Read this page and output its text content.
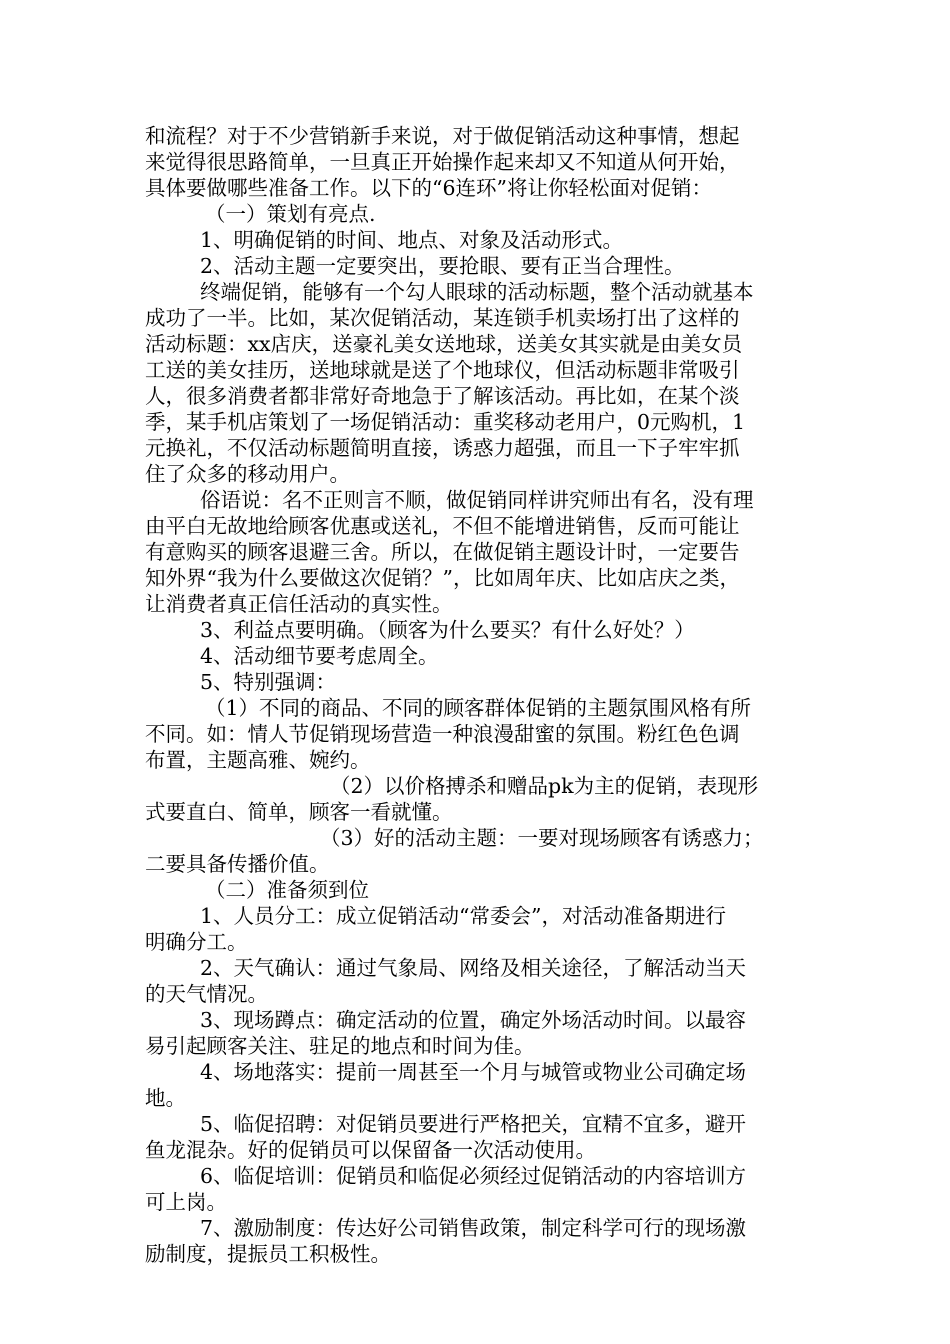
和流程？对于不少营销新手来说，对于做促销活动这种事情，想起

来觉得很思路简单，一旦真正开始操作起来却又不知道从何开始，

具体要做哪些准备工作。以下的“6连环”将让你轻松面对促销：

（一）策划有亮点.

1、明确促销的时间、地点、对象及活动形式。

2、活动主题一定要突出，要抢眼、要有正当合理性。

终端促销，能够有一个勾人眼球的活动标题，整个活动就基本

成功了一半。比如，某次促销活动，某连锁手机卖场打出了这样的

活动标题：xx店庆，送豪礼美女送地球，送美女其实就是由美女员

工送的美女挂历，送地球就是送了个地球仪，但活动标题非常吸引

人，很多消费者都非常好奇地急于了解该活动。再比如，在某个淡

季，某手机店策划了一场促销活动：重奖移动老用户，0元购机，1

元换礼，不仅活动标题简明直接，诱惑力超强，而且一下子牢牢抓

住了众多的移动用户。

俗语说：名不正则言不顺，做促销同样讲究师出有名，没有理

由平白无故地给顾客优惠或送礼，不但不能增进销售，反而可能让

有意购买的顾客退避三舍。所以，在做促销主题设计时，一定要告

知外界“我为什么要做这次促销？”，比如周年庆、比如店庆之类，

让消费者真正信任活动的真实性。

3、利益点要明确。（顾客为什么要买？有什么好处？）

4、活动细节要考虑周全。

5、特别强调：

（1）不同的商品、不同的顾客群体促销的主题氛围风格有所

不同。如：情人节促销现场营造一种浪漫甜蜜的氛围。粉红色色调

布置，主题高雅、婉约。

（2）以价格搏杀和赠品pk为主的促销，表现形

式要直白、简单，顾客一看就懂。

（3）好的活动主题：一要对现场顾客有诱惑力；

二要具备传播价值。

（二）准备须到位

1、人员分工：成立促销活动“常委会”，对活动准备期进行

明确分工。

2、天气确认：通过气象局、网络及相关途径，了解活动当天

的天气情况。

3、现场蹲点：确定活动的位置，确定外场活动时间。以最容

易引起顾客关注、驻足的地点和时间为佳。

4、场地落实：提前一周甚至一个月与城管或物业公司确定场

地。

5、临促招聘：对促销员要进行严格把关，宜精不宜多，避开

鱼龙混杂。好的促销员可以保留备一次活动使用。

6、临促培训：促销员和临促必须经过促销活动的内容培训方

可上岗。

7、激励制度：传达好公司销售政策，制定科学可行的现场激

励制度，提振员工积极性。
